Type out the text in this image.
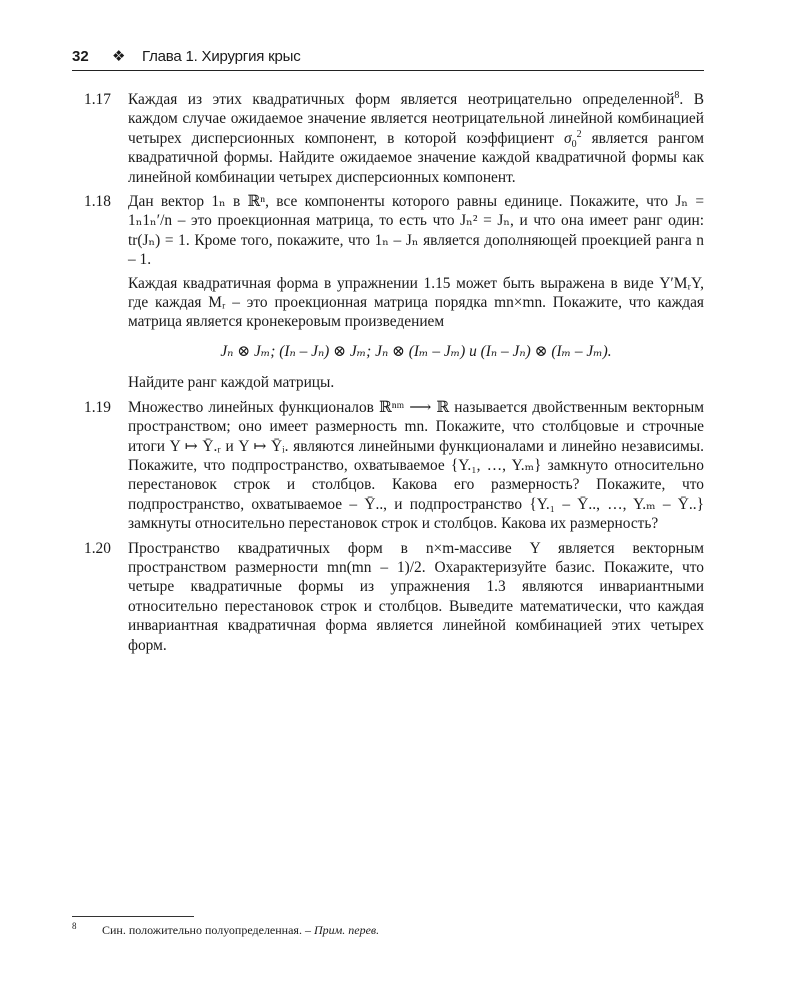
32 ❖ Глава 1. Хирургия крыс
1.17 Каждая из этих квадратичных форм является неотрицательно определенной$^8$. В каждом случае ожидаемое значение является неотрицательной линейной комбинацией четырех дисперсионных компонент, в которой коэффициент $\sigma_0^2$ является рангом квадратичной формы. Найдите ожидаемое значение каждой квадратичной формы как линейной комбинации четырех дисперсионных компонент.

1.18 Дан вектор 1ₙ в ℝⁿ, все компоненты которого равны единице. Покажите, что Jₙ = 1ₙ1ₙ′/n – это проекционная матрица, то есть что Jₙ² = Jₙ, и что она имеет ранг один: tr(Jₙ) = 1. Кроме того, покажите, что 1ₙ – Jₙ является дополняющей проекцией ранга n – 1.

Каждая квадратичная форма в упражнении 1.15 может быть выражена в виде Y′MᵣY, где каждая Mᵣ – это проекционная матрица порядка mn×mn. Покажите, что каждая матрица является кронекеровым произведением

Jₙ ⊗ Jₘ; (Iₙ – Jₙ) ⊗ Jₘ; Jₙ ⊗ (Iₘ – Jₘ) и (Iₙ – Jₙ) ⊗ (Iₘ – Jₘ).

Найдите ранг каждой матрицы.

1.19 Множество линейных функционалов ℝⁿᵐ ⟶ ℝ называется двойственным векторным пространством; оно имеет размерность mn. Покажите, что столбцовые и строчные итоги Y ↦ Ȳ.ᵣ и Y ↦ Ȳᵢ. являются линейными функционалами и линейно независимы. Покажите, что подпространство, охватываемое {Y.₁, …, Y.ₘ} замкнуто относительно перестановок строк и столбцов. Какова его размерность? Покажите, что подпространство, охватываемое – Ȳ.., и подпространство {Y.₁ – Ȳ.., …, Y.ₘ – Ȳ..} замкнуты относительно перестановок строк и столбцов. Какова их размерность?

1.20 Пространство квадратичных форм в n×m-массиве Y является векторным пространством размерности mn(mn – 1)/2. Охарактеризуйте базис. Покажите, что четыре квадратичные формы из упражнения 1.3 являются инвариантными относительно перестановок строк и столбцов. Выведите математически, что каждая инвариантная квадратичная форма является линейной комбинацией этих четырех форм.

8 Син. положительно полуопределенная. – Прим. перев.
